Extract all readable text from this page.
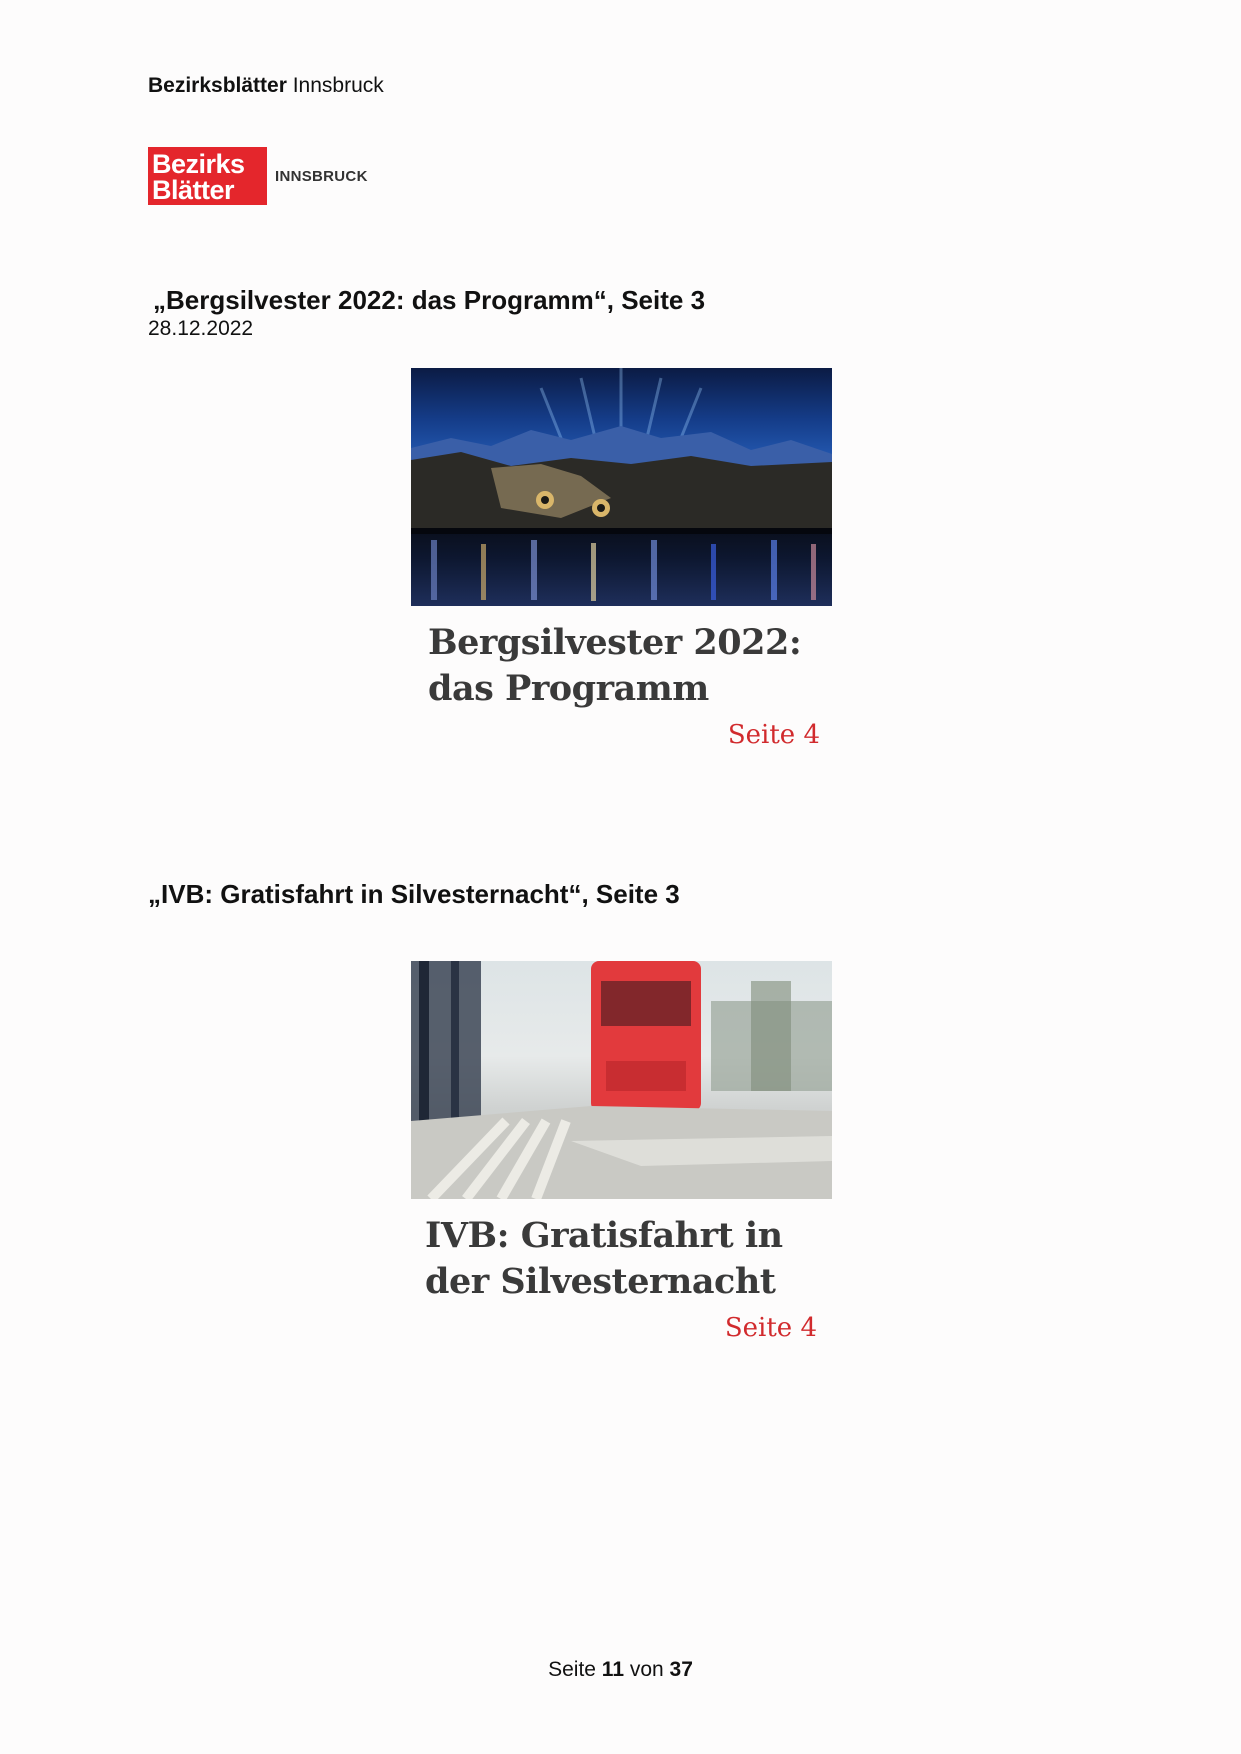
Bezirksblätter Innsbruck
Bezirks
Blätter	INNSBRUCK
„Bergsilvester 2022: das Programm“, Seite 3
28.12.2022
Bergsilvester 2022:
das Programm
Seite 4
„IVB: Gratisfahrt in Silvesternacht“, Seite 3
IVB: Gratisfahrt in
der Silvesternacht
Seite 4
Seite 11 von 37
